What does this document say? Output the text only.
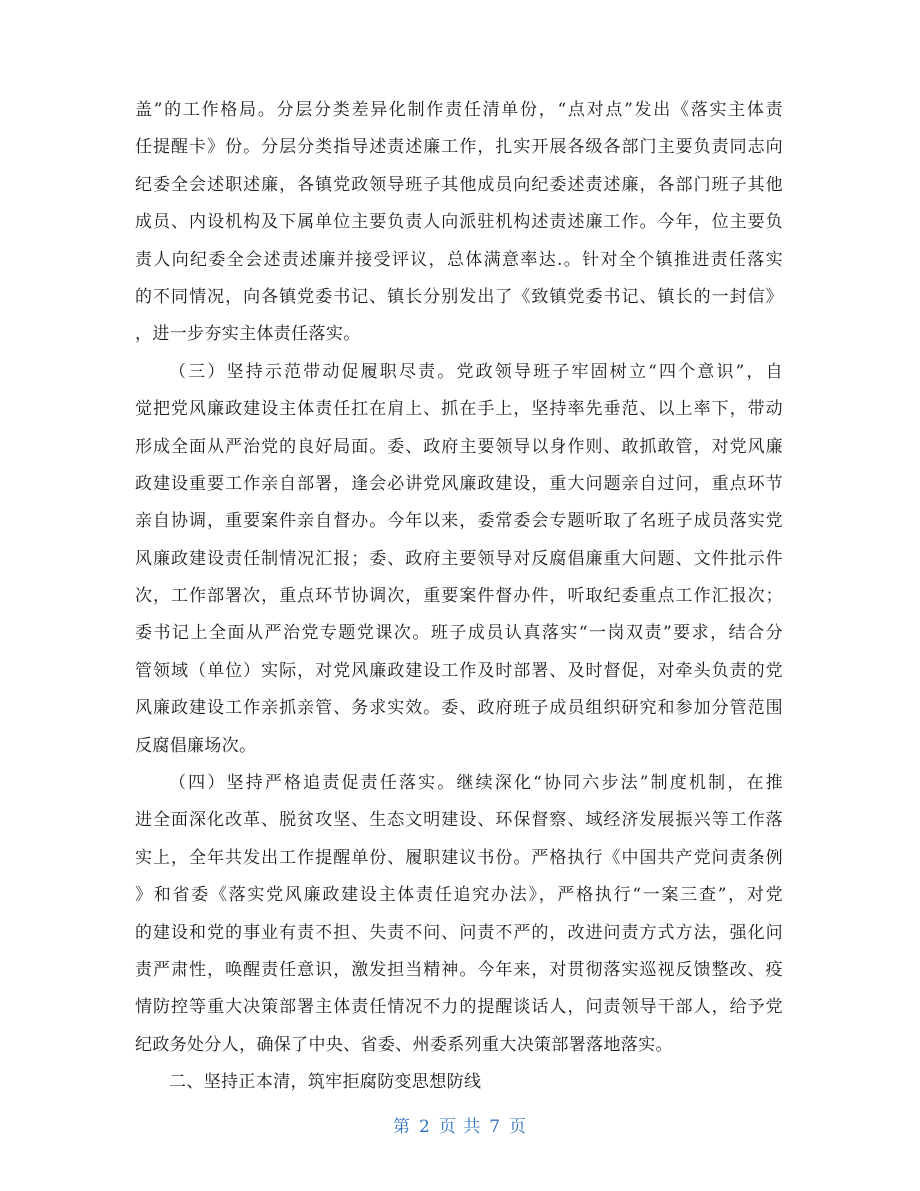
盖”的工作格局。分层分类差异化制作责任清单份，“点对点”发出《落实主体责
任提醒卡》份。分层分类指导述责述廉工作，扎实开展各级各部门主要负责同志向
纪委全会述职述廉，各镇党政领导班子其他成员向纪委述责述廉，各部门班子其他
成员、内设机构及下属单位主要负责人向派驻机构述责述廉工作。今年，位主要负
责人向纪委全会述责述廉并接受评议，总体满意率达.。针对全个镇推进责任落实
的不同情况，向各镇党委书记、镇长分别发出了《致镇党委书记、镇长的一封信》
，进一步夯实主体责任落实。
（三）坚持示范带动促履职尽责。党政领导班子牢固树立“四个意识”，自
觉把党风廉政建设主体责任扛在肩上、抓在手上，坚持率先垂范、以上率下，带动
形成全面从严治党的良好局面。委、政府主要领导以身作则、敢抓敢管，对党风廉
政建设重要工作亲自部署，逢会必讲党风廉政建设，重大问题亲自过问，重点环节
亲自协调，重要案件亲自督办。今年以来，委常委会专题听取了名班子成员落实党
风廉政建设责任制情况汇报；委、政府主要领导对反腐倡廉重大问题、文件批示件
次，工作部署次，重点环节协调次，重要案件督办件，听取纪委重点工作汇报次；
委书记上全面从严治党专题党课次。班子成员认真落实“一岗双责”要求，结合分
管领域（单位）实际，对党风廉政建设工作及时部署、及时督促，对牵头负责的党
风廉政建设工作亲抓亲管、务求实效。委、政府班子成员组织研究和参加分管范围
反腐倡廉场次。
（四）坚持严格追责促责任落实。继续深化“协同六步法”制度机制，在推
进全面深化改革、脱贫攻坚、生态文明建设、环保督察、域经济发展振兴等工作落
实上，全年共发出工作提醒单份、履职建议书份。严格执行《中国共产党问责条例
》和省委《落实党风廉政建设主体责任追究办法》，严格执行“一案三查”，对党
的建设和党的事业有责不担、失责不问、问责不严的，改进问责方式方法，强化问
责严肃性，唤醒责任意识，激发担当精神。今年来，对贯彻落实巡视反馈整改、疫
情防控等重大决策部署主体责任情况不力的提醒谈话人，问责领导干部人，给予党
纪政务处分人，确保了中央、省委、州委系列重大决策部署落地落实。
二、坚持正本清，筑牢拒腐防变思想防线
第 2 页 共 7 页
